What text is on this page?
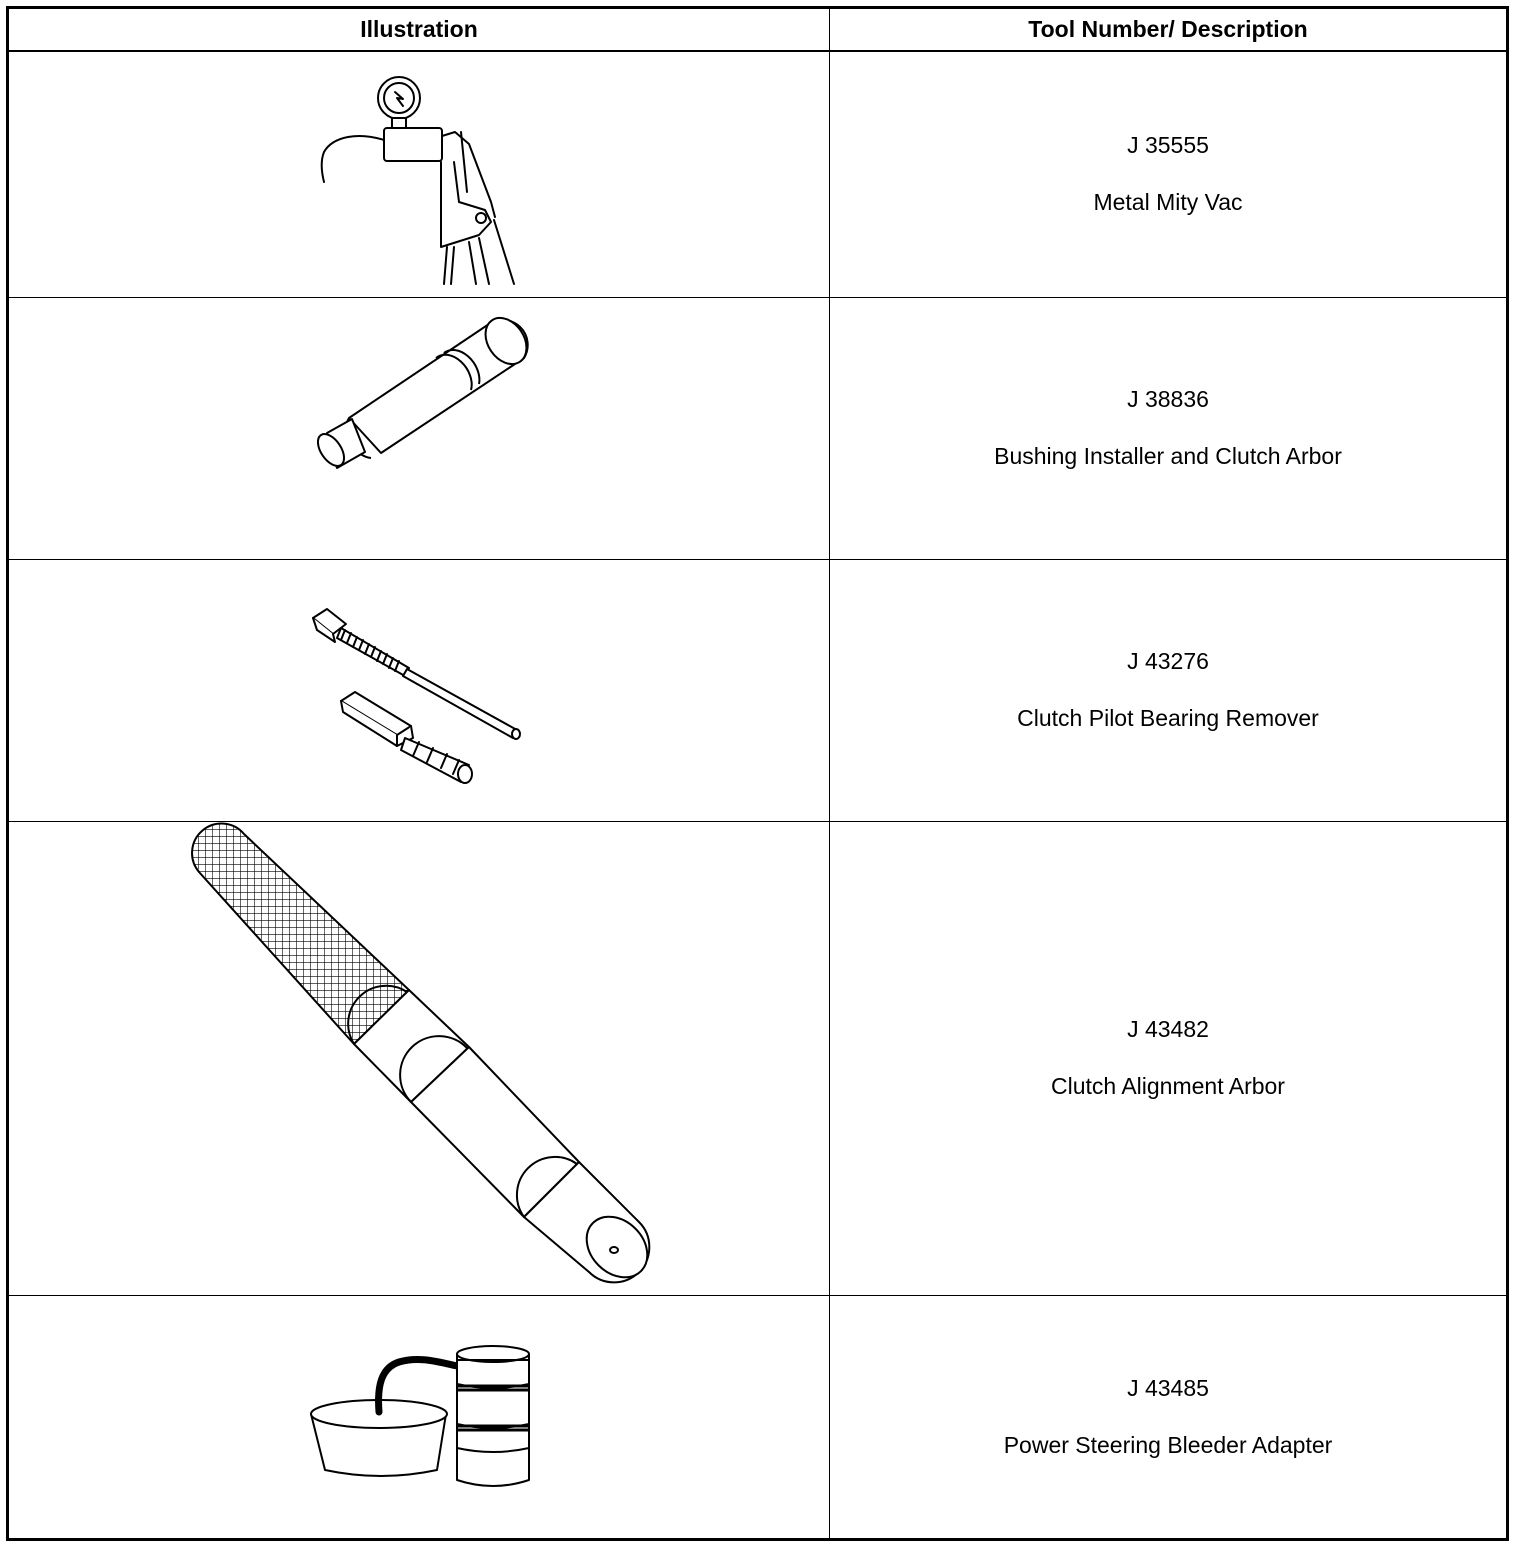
Illustration	Tool Number/ Description

J 35555
Metal Mity Vac

J 38836
Bushing Installer and Clutch Arbor

J 43276
Clutch Pilot Bearing Remover

J 43482
Clutch Alignment Arbor

J 43485
Power Steering Bleeder Adapter
